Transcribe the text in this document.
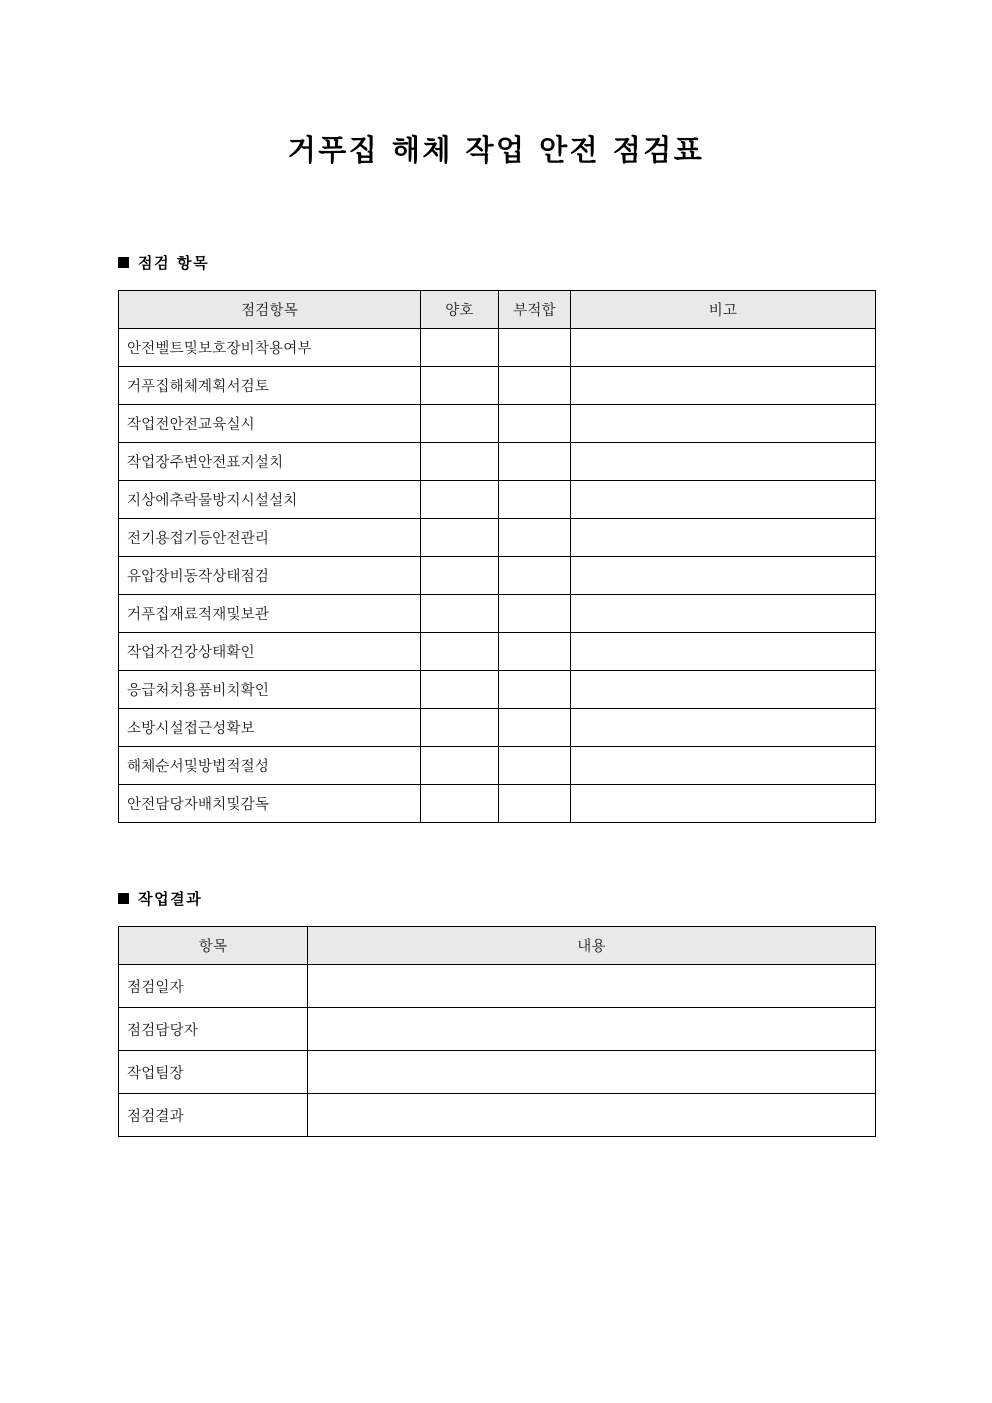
거푸집 해체 작업 안전 점검표
점검 항목
점검항목	양호	부적합	비고
안전벨트및보호장비착용여부			
거푸집해체계획서검토			
작업전안전교육실시			
작업장주변안전표지설치			
지상에추락물방지시설설치			
전기용접기등안전관리			
유압장비동작상태점검			
거푸집재료적재및보관			
작업자건강상태확인			
응급처치용품비치확인			
소방시설접근성확보			
해체순서및방법적절성			
안전담당자배치및감독			
작업결과
항목	내용
점검일자	
점검담당자	
작업팀장	
점검결과	
